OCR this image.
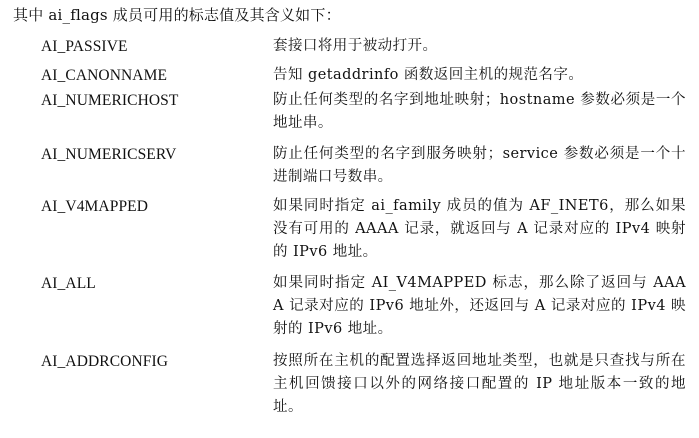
其中 ai_flags 成员可用的标志值及其含义如下：
AI_PASSIVE	套接口将用于被动打开。
AI_CANONNAME	告知 getaddrinfo 函数返回主机的规范名字。
AI_NUMERICHOST	防止任何类型的名字到地址映射；hostname 参数必须是一个地址串。
AI_NUMERICSERV	防止任何类型的名字到服务映射；service 参数必须是一个十进制端口号数串。
AI_V4MAPPED	如果同时指定 ai_family 成员的值为 AF_INET6，那么如果没有可用的 AAAA 记录，就返回与 A 记录对应的 IPv4 映射的 IPv6 地址。
AI_ALL	如果同时指定 AI_V4MAPPED 标志，那么除了返回与 AAAA 记录对应的 IPv6 地址外，还返回与 A 记录对应的 IPv4 映射的 IPv6 地址。
AI_ADDRCONFIG	按照所在主机的配置选择返回地址类型，也就是只查找与所在主机回馈接口以外的网络接口配置的 IP 地址版本一致的地址。
